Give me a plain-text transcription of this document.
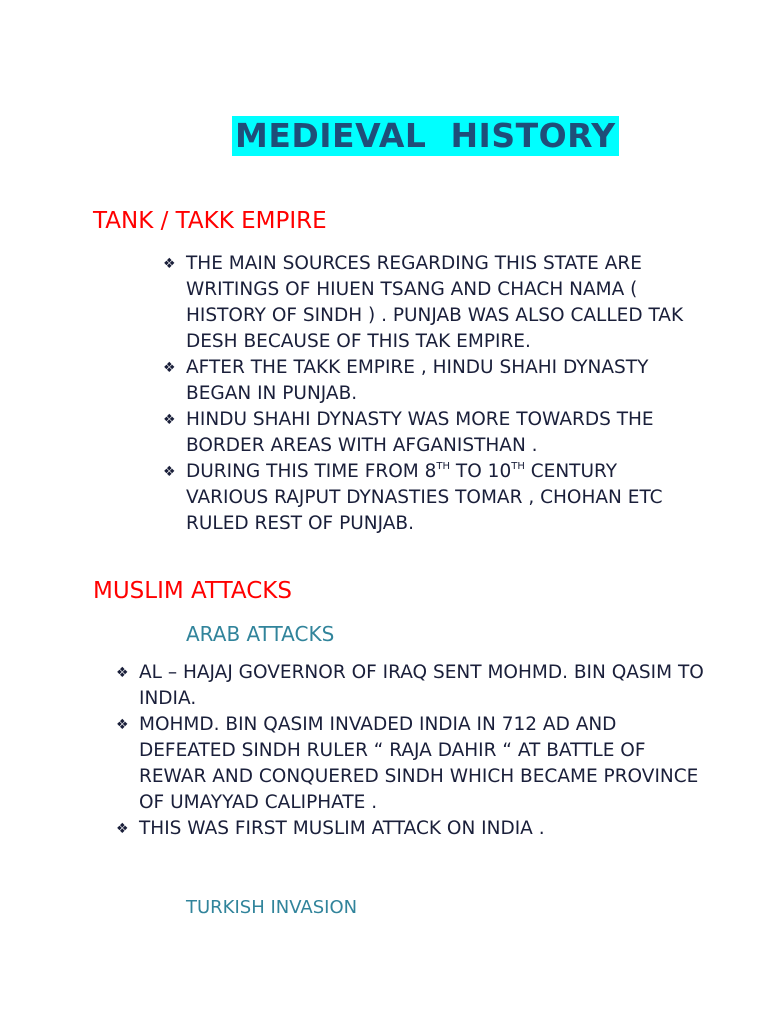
MEDIEVAL  HISTORY
TANK / TAKK EMPIRE
❖ THE MAIN SOURCES REGARDING THIS STATE ARE WRITINGS OF HIUEN TSANG AND CHACH NAMA ( HISTORY OF SINDH ) . PUNJAB WAS ALSO CALLED TAK DESH BECAUSE OF THIS TAK EMPIRE.
❖ AFTER THE TAKK EMPIRE , HINDU SHAHI DYNASTY BEGAN IN PUNJAB.
❖ HINDU SHAHI DYNASTY WAS MORE TOWARDS THE BORDER AREAS WITH AFGANISTHAN .
❖ DURING THIS TIME FROM 8TH TO 10TH CENTURY VARIOUS RAJPUT DYNASTIES TOMAR , CHOHAN ETC RULED REST OF PUNJAB.
MUSLIM ATTACKS
ARAB ATTACKS
❖ AL – HAJAJ GOVERNOR OF IRAQ SENT MOHMD. BIN QASIM TO INDIA.
❖ MOHMD. BIN QASIM INVADED INDIA IN 712 AD AND DEFEATED SINDH RULER “ RAJA DAHIR “ AT BATTLE OF REWAR AND CONQUERED SINDH WHICH BECAME PROVINCE OF UMAYYAD CALIPHATE .
❖ THIS WAS FIRST MUSLIM ATTACK ON INDIA .
TURKISH INVASION
